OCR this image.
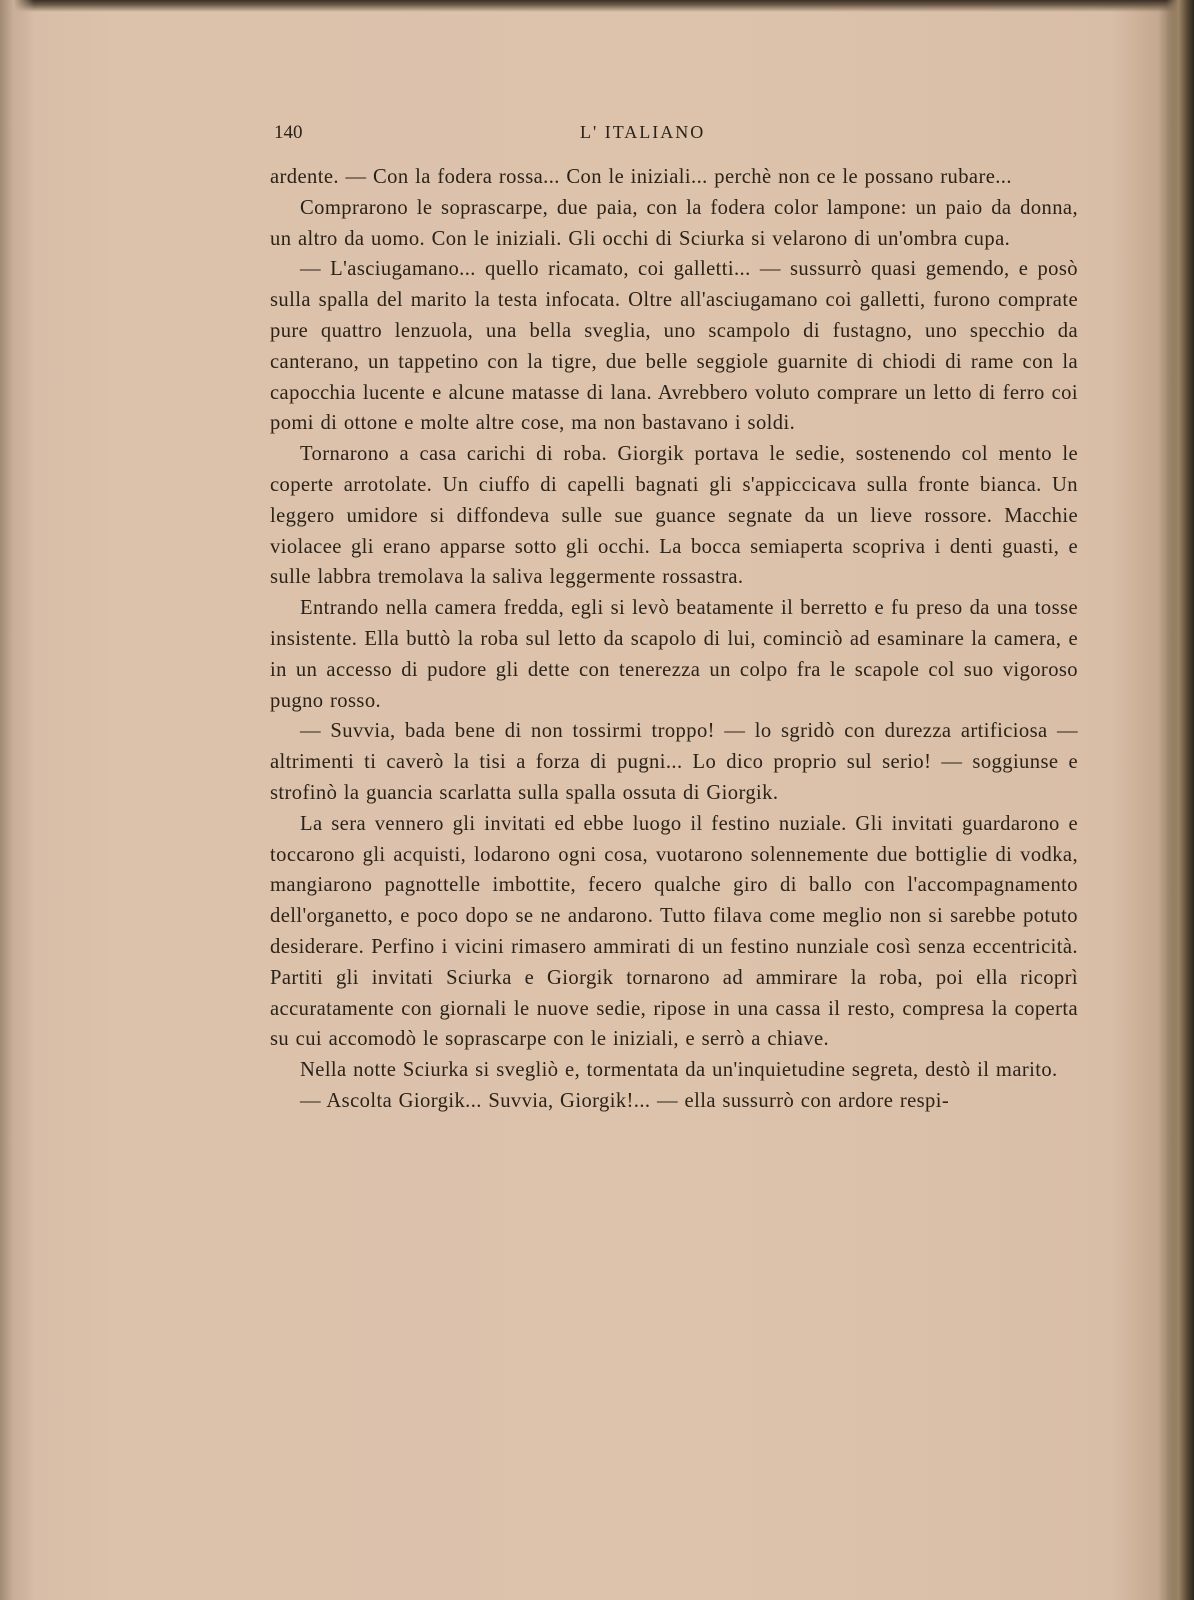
140	L' ITALIANO

ardente. — Con la fodera rossa... Con le iniziali... perchè non ce le possano rubare...

Comprarono le soprascarpe, due paia, con la fodera color lampone: un paio da donna, un altro da uomo. Con le iniziali. Gli occhi di Sciurka si velarono di un'ombra cupa.

— L'asciugamano... quello ricamato, coi galletti... — sussurrò quasi gemendo, e posò sulla spalla del marito la testa infocata. Oltre all'asciugamano coi galletti, furono comprate pure quattro lenzuola, una bella sveglia, uno scampolo di fustagno, uno specchio da canterano, un tappetino con la tigre, due belle seggiole guarnite di chiodi di rame con la capocchia lucente e alcune matasse di lana. Avrebbero voluto comprare un letto di ferro coi pomi di ottone e molte altre cose, ma non bastavano i soldi.

Tornarono a casa carichi di roba. Giorgik portava le sedie, sostenendo col mento le coperte arrotolate. Un ciuffo di capelli bagnati gli s'appiccicava sulla fronte bianca. Un leggero umidore si diffondeva sulle sue guance segnate da un lieve rossore. Macchie violacee gli erano apparse sotto gli occhi. La bocca semiaperta scopriva i denti guasti, e sulle labbra tremolava la saliva leggermente rossastra.

Entrando nella camera fredda, egli si levò beatamente il berretto e fu preso da una tosse insistente. Ella buttò la roba sul letto da scapolo di lui, cominciò ad esaminare la camera, e in un accesso di pudore gli dette con tenerezza un colpo fra le scapole col suo vigoroso pugno rosso.

— Suvvia, bada bene di non tossirmi troppo! — lo sgridò con durezza artificiosa — altrimenti ti caverò la tisi a forza di pugni... Lo dico proprio sul serio! — soggiunse e strofinò la guancia scarlatta sulla spalla ossuta di Giorgik.

La sera vennero gli invitati ed ebbe luogo il festino nuziale. Gli invitati guardarono e toccarono gli acquisti, lodarono ogni cosa, vuotarono solennemente due bottiglie di vodka, mangiarono pagnottelle imbottite, fecero qualche giro di ballo con l'accompagnamento dell'organetto, e poco dopo se ne andarono. Tutto filava come meglio non si sarebbe potuto desiderare. Perfino i vicini rimasero ammirati di un festino nunziale così senza eccentricità. Partiti gli invitati Sciurka e Giorgik tornarono ad ammirare la roba, poi ella ricoprì accuratamente con giornali le nuove sedie, ripose in una cassa il resto, compresa la coperta su cui accomodò le soprascarpe con le iniziali, e serrò a chiave.

Nella notte Sciurka si svegliò e, tormentata da un'inquietudine segreta, destò il marito.

— Ascolta Giorgik... Suvvia, Giorgik!... — ella sussurrò con ardore respi-
